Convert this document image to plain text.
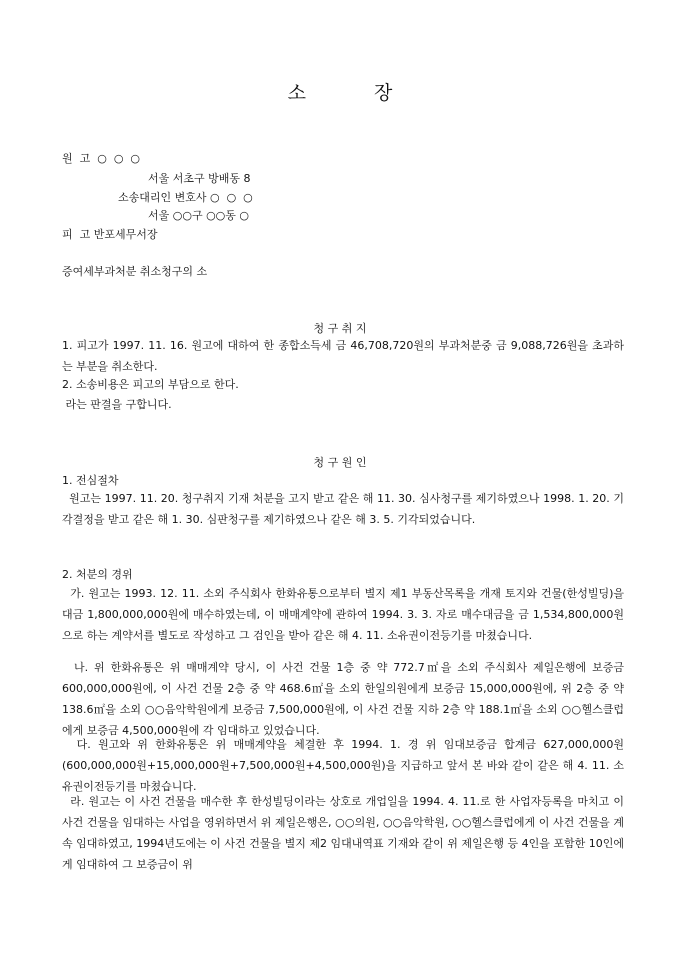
소	장
원  고  ○  ○  ○
서울 서초구 방배동 8
소송대리인 변호사 ○  ○  ○
서울 ○○구 ○○동 ○
피  고 반포세무서장
증여세부과처분 취소청구의 소
청 구 취 지
1. 피고가 1997. 11. 16. 원고에 대하여 한 종합소득세 금 46,708,720원의 부과처분중 금 9,088,726원을 초과하는 부분을 취소한다.
2. 소송비용은 피고의 부담으로 한다.
라는 판결을 구합니다.
청 구 원 인
1. 전심절차
원고는 1997. 11. 20. 청구취지 기재 처분을 고지 받고 같은 해 11. 30. 심사청구를 제기하였으나 1998. 1. 20. 기각결정을 받고 같은 해 1. 30. 심판청구를 제기하였으나 같은 해 3. 5. 기각되었습니다.
2. 처분의 경위
가. 원고는 1993. 12. 11. 소외 주식회사 한화유통으로부터 별지 제1 부동산목록을 개재 토지와 건물(한성빌딩)을 대금 1,800,000,000원에 매수하였는데, 이 매매계약에 관하여 1994. 3. 3. 자로 매수대금을 금 1,534,800,000원으로 하는 계약서를 별도로 작성하고 그 검인을 받아 같은 해 4. 11. 소유권이전등기를 마쳤습니다.
나. 위 한화유통은 위 매매계약 당시, 이 사건 건물 1층 중 약 772.7㎡을 소외 주식회사 제일은행에 보증금 600,000,000원에, 이 사건 건물 2층 중 약 468.6㎡을 소외 한일의원에게 보증금 15,000,000원에, 위 2층 중 약 138.6㎡을 소외 ○○음악학원에게 보증금 7,500,000원에, 이 사건 건물 지하 2층 약 188.1㎡을 소외 ○○헬스클럽에게 보증금 4,500,000원에 각 임대하고 있었습니다.
다. 원고와 위 한화유통은 위 매매계약을 체결한 후 1994. 1. 경 위 임대보증금 합계금 627,000,000원(600,000,000원+15,000,000원+7,500,000원+4,500,000원)을 지급하고 앞서 본 바와 같이 같은 해 4. 11. 소유권이전등기를 마쳤습니다.
라. 원고는 이 사건 건물을 매수한 후 한성빌딩이라는 상호로 개업일을 1994. 4. 11.로 한 사업자등록을 마치고 이 사건 건물을 임대하는 사업을 영위하면서 위 제일은행은, ○○의원, ○○음악학원, ○○헬스클럽에게 이 사건 건물을 계속 임대하였고, 1994년도에는 이 사건 건물을 별지 제2 임대내역표 기재와 같이 위 제일은행 등 4인을 포함한 10인에게 임대하여 그 보증금이 위
